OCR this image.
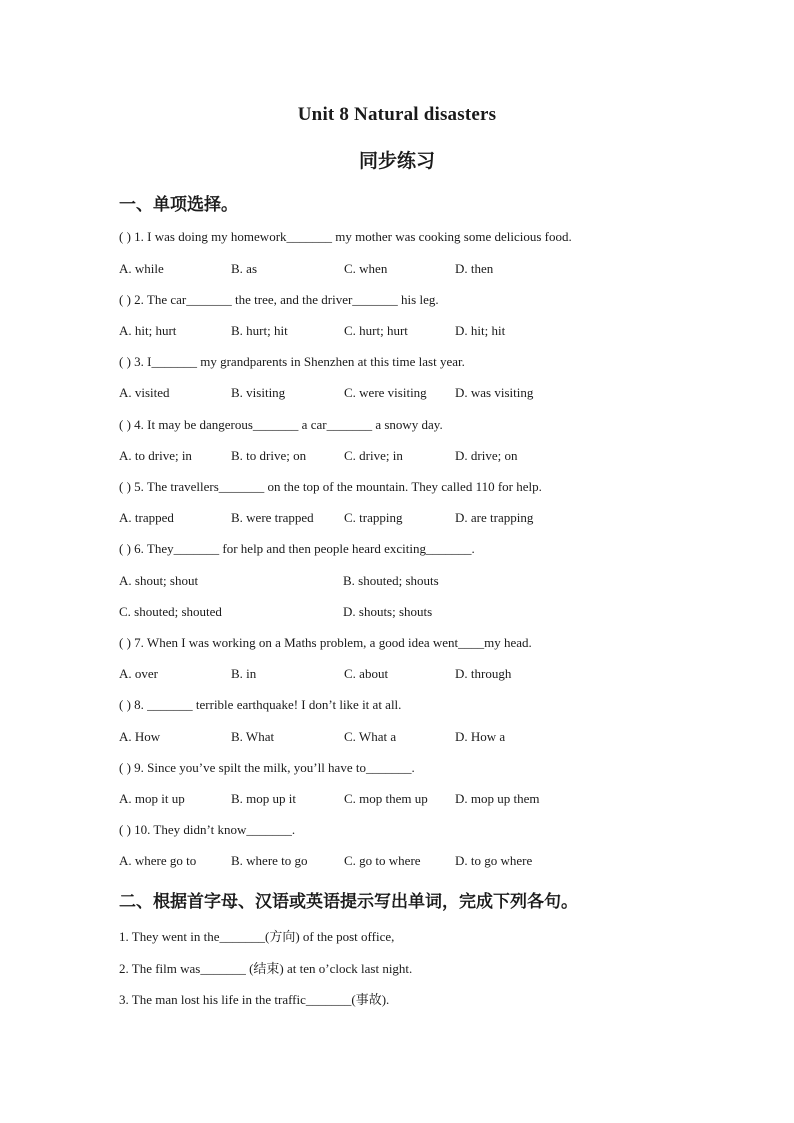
Unit 8 Natural disasters
同步练习
一、单项选择。
( ) 1. I was doing my homework_______ my mother was cooking some delicious food.
A. while	B. as	C. when	D. then
( ) 2. The car_______ the tree, and the driver_______ his leg.
A. hit; hurt	B. hurt; hit	C. hurt; hurt	D. hit; hit
( ) 3. I_______ my grandparents in Shenzhen at this time last year.
A. visited	B. visiting	C. were visiting D. was visiting
( ) 4. It may be dangerous_______ a car_______ a snowy day.
A. to drive; in	B. to drive; on	C. drive; in	D. drive; on
( ) 5. The travellers_______ on the top of the mountain. They called 110 for help.
A. trapped	B. were trapped C. trapping	D. are trapping
( ) 6. They_______ for help and then people heard exciting_______.
A. shout; shout	B. shouted; shouts
C. shouted; shouted	D. shouts; shouts
( ) 7. When I was working on a Maths problem, a good idea went____my head.
A. over	B. in	C. about	D. through
( ) 8. _______ terrible earthquake! I don’t like it at all.
A. How	B. What	C. What a	D. How a
( ) 9. Since you’ve spilt the milk, you’ll have to_______.
A. mop it up	B. mop up it	C. mop them up D. mop up them
( ) 10. They didn’t know_______.
A. where go to	B. where to go	C. go to where	D. to go where
二、根据首字母、汉语或英语提示写出单词，完成下列各句。
1. They went in the_______(方向) of the post office,
2. The film was_______ (结束) at ten o’clock last night.
3. The man lost his life in the traffic_______(事故).
